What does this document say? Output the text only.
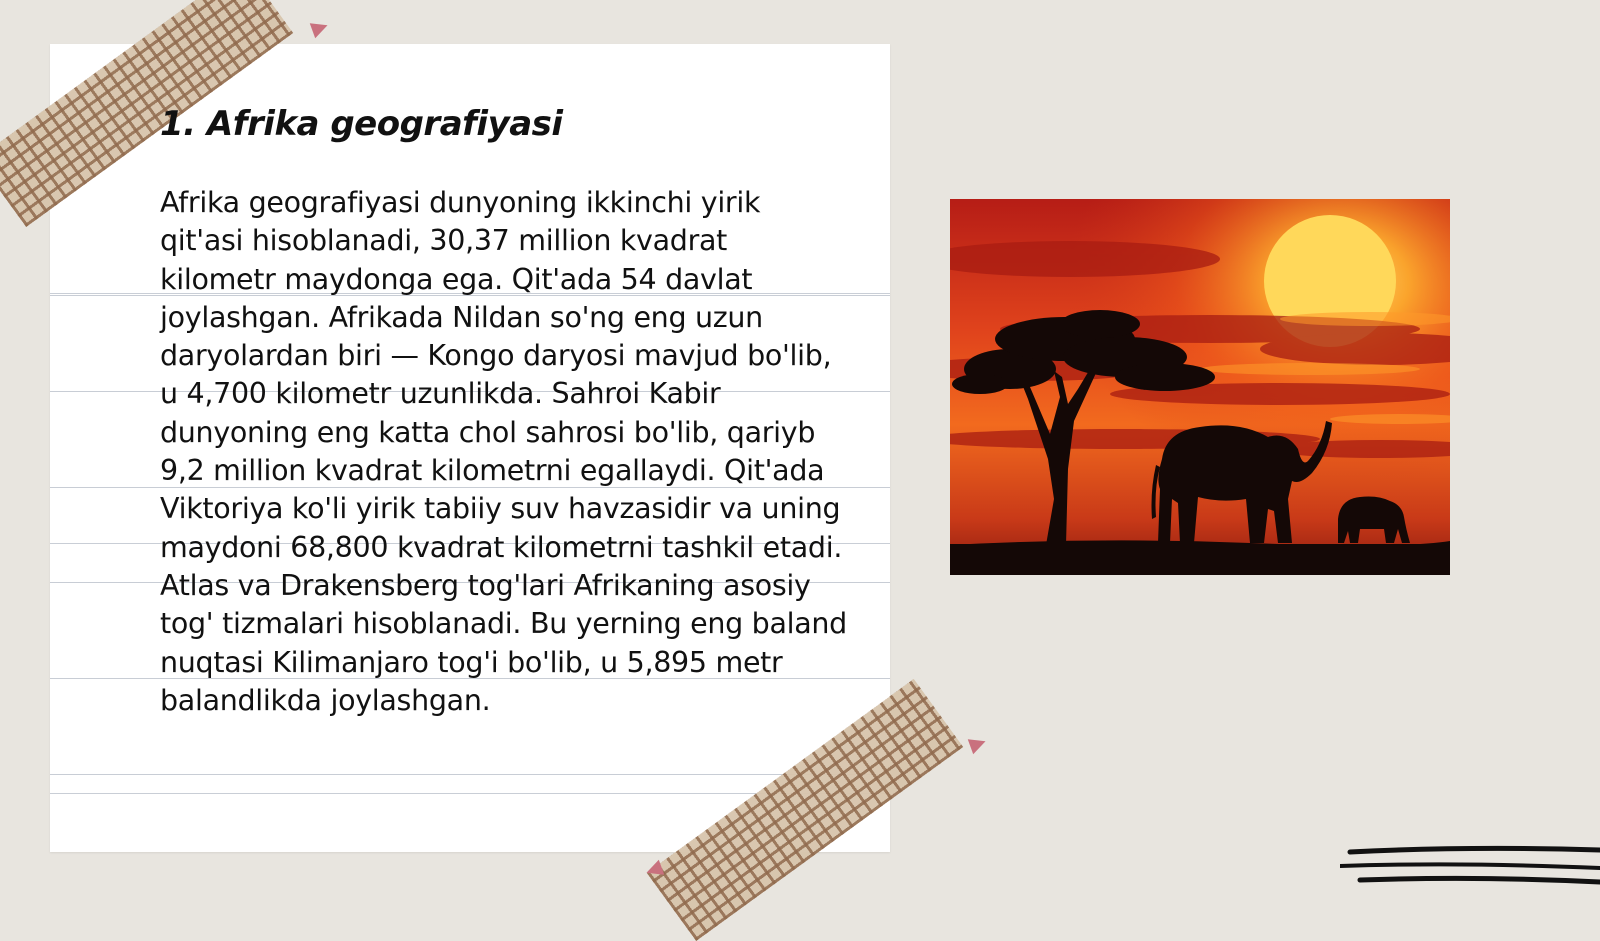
1. Afrika geografiyasi

Afrika geografiyasi dunyoning ikkinchi yirik qit'asi hisoblanadi, 30,37 million kvadrat kilometr maydonga ega. Qit'ada 54 davlat joylashgan. Afrikada Nildan so'ng eng uzun daryolardan biri — Kongo daryosi mavjud bo'lib, u 4,700 kilometr uzunlikda. Sahroi Kabir dunyoning eng katta chol sahrosi bo'lib, qariyb 9,2 million kvadrat kilometrni egallaydi. Qit'ada Viktoriya ko'li yirik tabiiy suv havzasidir va uning maydoni 68,800 kvadrat kilometrni tashkil etadi. Atlas va Drakensberg tog'lari Afrikaning asosiy tog' tizmalari hisoblanadi. Bu yerning eng baland nuqtasi Kilimanjaro tog'i bo'lib, u 5,895 metr balandlikda joylashgan.
